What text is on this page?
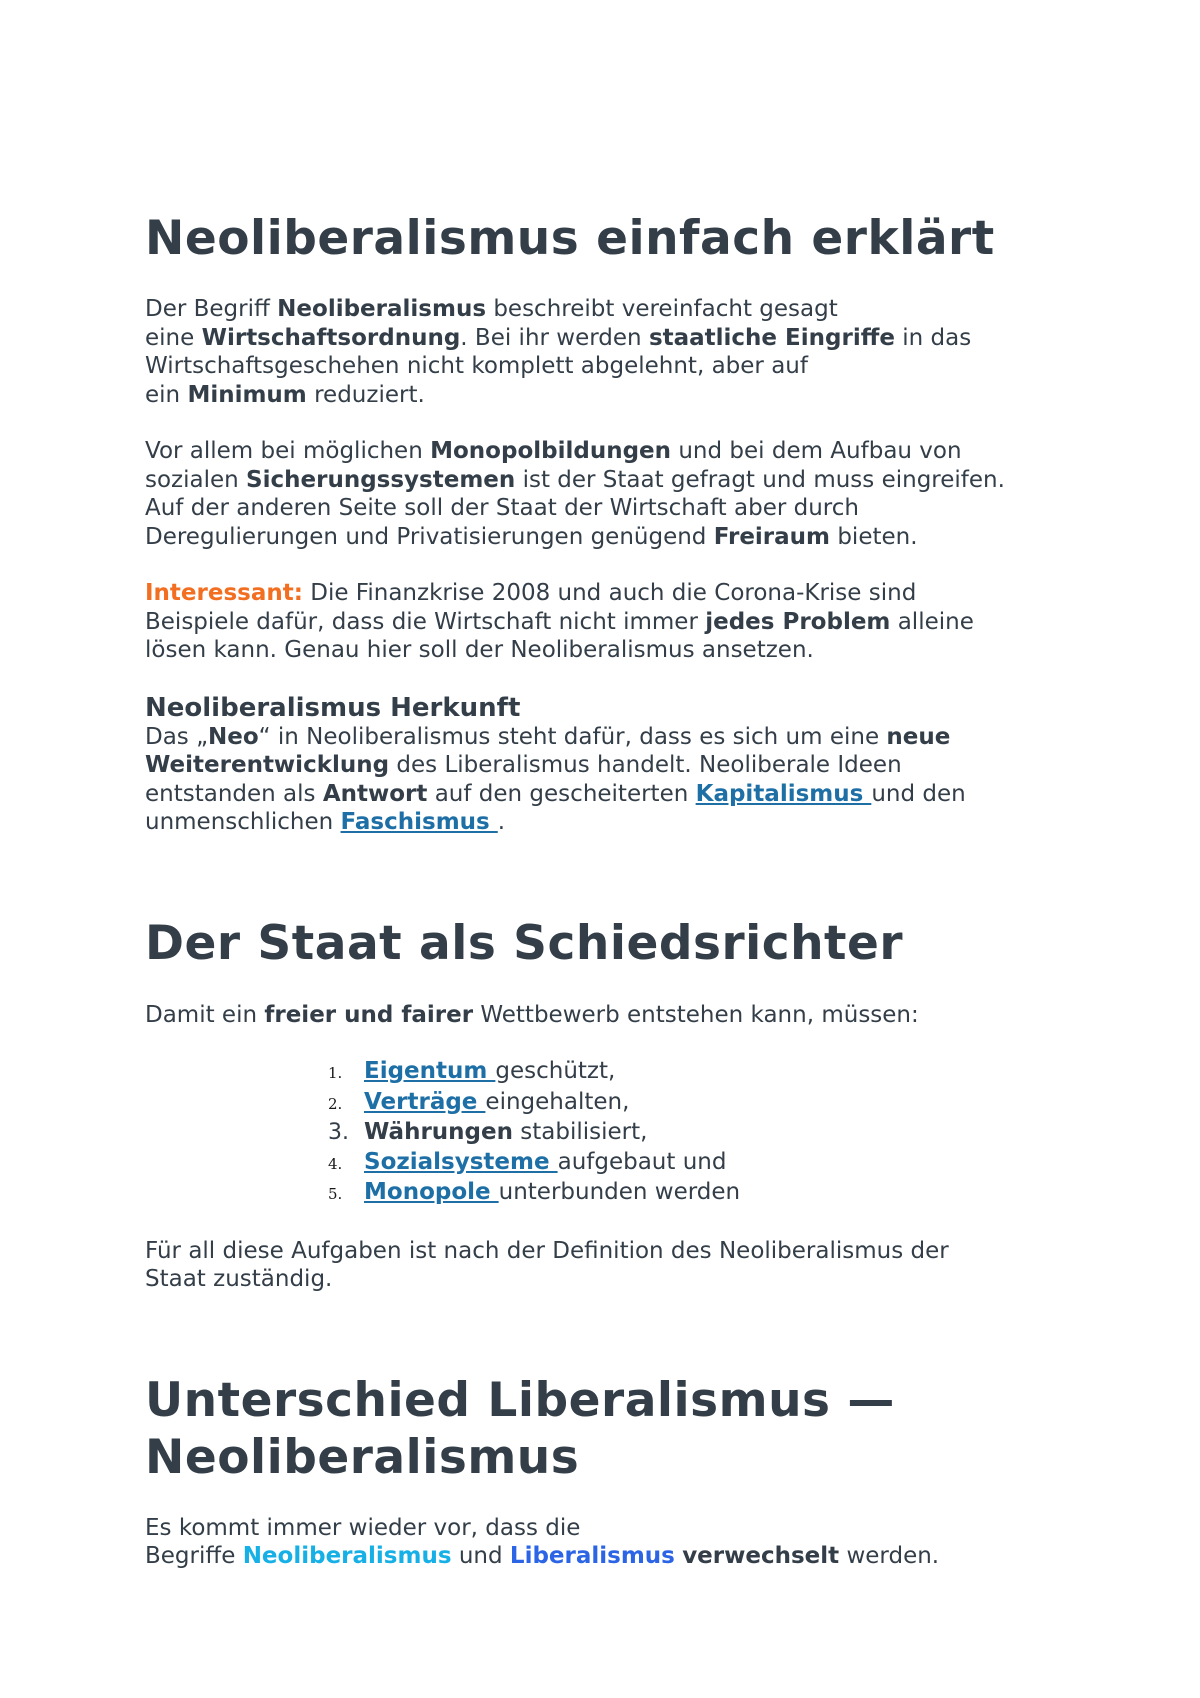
Neoliberalismus einfach erklärt

Der Begriff Neoliberalismus beschreibt vereinfacht gesagt
eine Wirtschaftsordnung. Bei ihr werden staatliche Eingriffe in das
Wirtschaftsgeschehen nicht komplett abgelehnt, aber auf
ein Minimum reduziert.

Vor allem bei möglichen Monopolbildungen und bei dem Aufbau von
sozialen Sicherungssystemen ist der Staat gefragt und muss eingreifen.
Auf der anderen Seite soll der Staat der Wirtschaft aber durch
Deregulierungen und Privatisierungen genügend Freiraum bieten.

Interessant: Die Finanzkrise 2008 und auch die Corona-Krise sind
Beispiele dafür, dass die Wirtschaft nicht immer jedes Problem alleine
lösen kann. Genau hier soll der Neoliberalismus ansetzen.

Neoliberalismus Herkunft

Das „Neo“ in Neoliberalismus steht dafür, dass es sich um eine neue
Weiterentwicklung des Liberalismus handelt. Neoliberale Ideen
entstanden als Antwort auf den gescheiterten Kapitalismus und den
unmenschlichen Faschismus .

Der Staat als Schiedsrichter

Damit ein freier und fairer Wettbewerb entstehen kann, müssen:

1. Eigentum geschützt,
2. Verträge eingehalten,
3. Währungen stabilisiert,
4. Sozialsysteme aufgebaut und
5. Monopole unterbunden werden

Für all diese Aufgaben ist nach der Definition des Neoliberalismus der
Staat zuständig.

Unterschied Liberalismus —
Neoliberalismus

Es kommt immer wieder vor, dass die
Begriffe Neoliberalismus und Liberalismus verwechselt werden.
